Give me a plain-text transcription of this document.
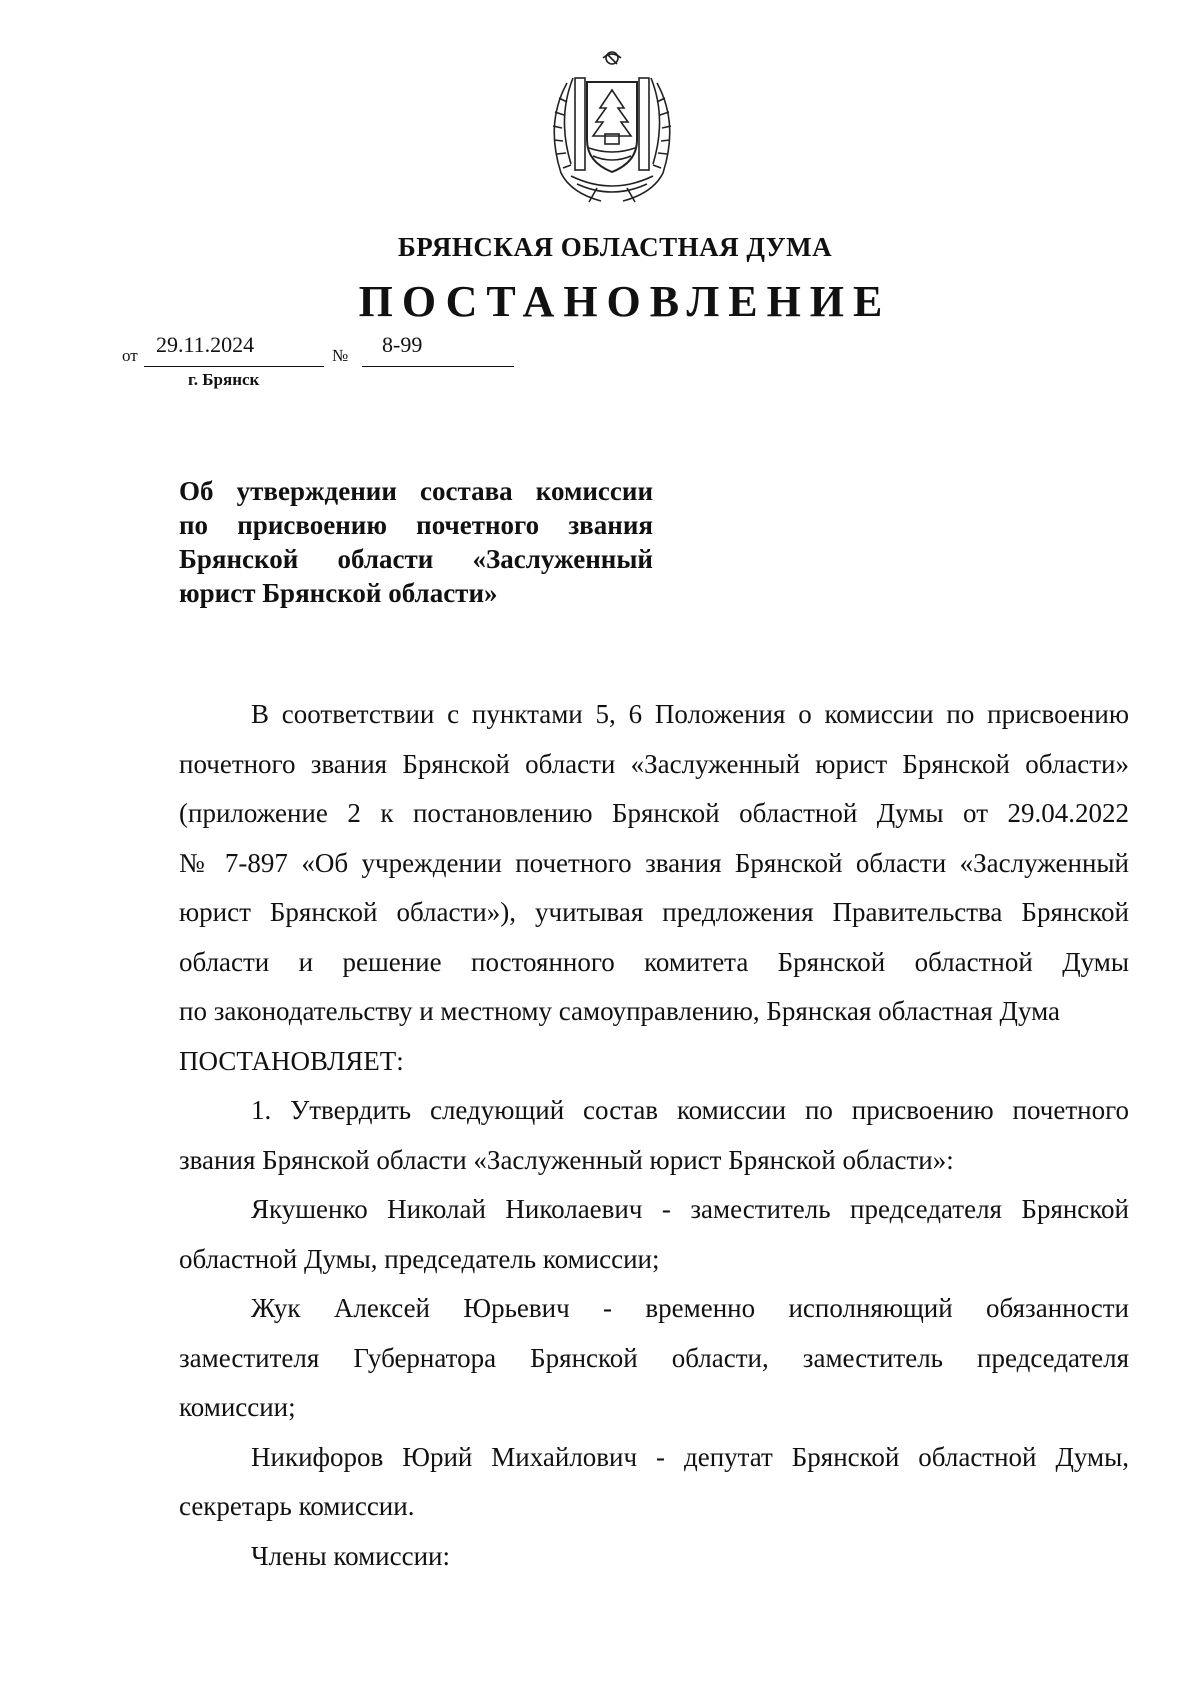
БРЯНСКАЯ ОБЛАСТНАЯ ДУМА
ПОСТАНОВЛЕНИЕ
от 29.11.2024	№ 8-99
г. Брянск
Об утверждении состава комиссии
по присвоению почетного звания
Брянской области «Заслуженный
юрист Брянской области»
В соответствии с пунктами 5, 6 Положения о комиссии по присвоению
почетного звания Брянской области «Заслуженный юрист Брянской области»
(приложение 2 к постановлению Брянской областной Думы от 29.04.2022
№ 7-897 «Об учреждении почетного звания Брянской области «Заслуженный
юрист Брянской области»), учитывая предложения Правительства Брянской
области и решение постоянного комитета Брянской областной Думы
по законодательству и местному самоуправлению, Брянская областная Дума
ПОСТАНОВЛЯЕТ:
1. Утвердить следующий состав комиссии по присвоению почетного
звания Брянской области «Заслуженный юрист Брянской области»:
Якушенко Николай Николаевич - заместитель председателя Брянской
областной Думы, председатель комиссии;
Жук Алексей Юрьевич - временно исполняющий обязанности
заместителя Губернатора Брянской области, заместитель председателя
комиссии;
Никифоров Юрий Михайлович - депутат Брянской областной Думы,
секретарь комиссии.
Члены комиссии:
